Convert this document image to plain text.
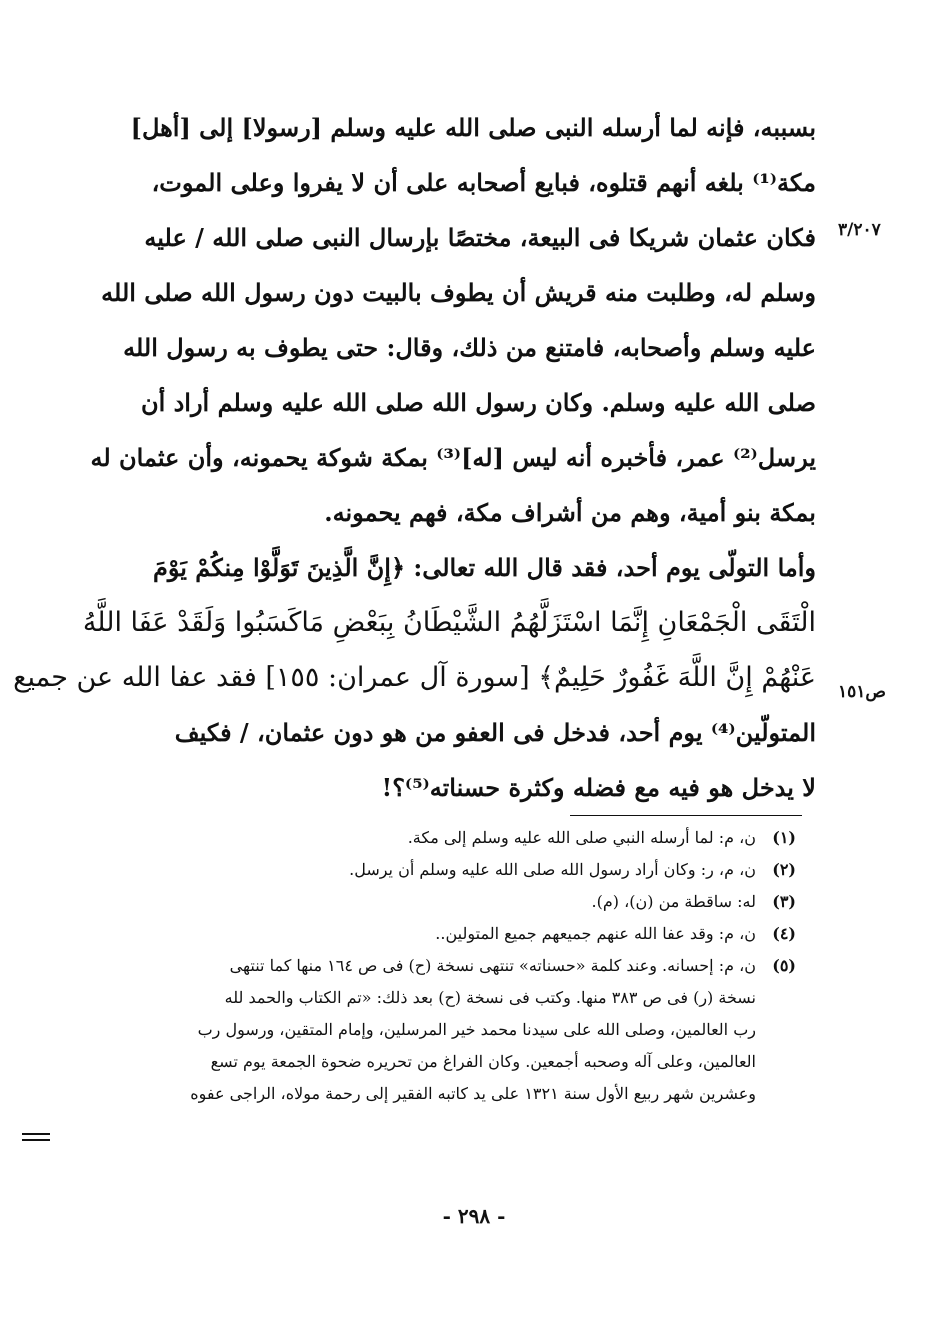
٣/٢٠٧
ص١٥١
بسببه، فإنه لما أرسله النبى صلى الله عليه وسلم [رسولا] إلى [أهل]
مكة⁽¹⁾ بلغه أنهم قتلوه، فبايع أصحابه على أن لا يفروا وعلى الموت،
فكان عثمان شريكا فى البيعة، مختصًا بإرسال النبى صلى الله / عليه
وسلم له، وطلبت منه قريش أن يطوف بالبيت دون رسول الله صلى الله
عليه وسلم وأصحابه، فامتنع من ذلك، وقال: حتى يطوف به رسول الله
صلى الله عليه وسلم. وكان رسول الله صلى الله عليه وسلم أراد أن
يرسل⁽²⁾ عمر، فأخبره أنه ليس [له]⁽³⁾ بمكة شوكة يحمونه، وأن عثمان له
بمكة بنو أمية، وهم من أشراف مكة، فهم يحمونه.
وأما التولّى يوم أحد، فقد قال الله تعالى: ﴿إِنَّ الَّذِينَ تَوَلَّوْا مِنكُمْ يَوْمَ
الْتَقَى الْجَمْعَانِ إِنَّمَا اسْتَزَلَّهُمُ الشَّيْطَانُ بِبَعْضِ مَاكَسَبُوا وَلَقَدْ عَفَا اللَّهُ
عَنْهُمْ إِنَّ اللَّهَ غَفُورٌ حَلِيمٌ﴾ [سورة آل عمران: ١٥٥] فقد عفا الله عن جميع
المتولّين⁽⁴⁾ يوم أحد، فدخل فى العفو من هو دون عثمان، / فكيف
لا يدخل هو فيه مع فضله وكثرة حسناته⁽⁵⁾؟!
(١)ن، م: لما أرسله النبي صلى الله عليه وسلم إلى مكة.
(٢)ن، م، ر: وكان أراد رسول الله صلى الله عليه وسلم أن يرسل.
(٣)له: ساقطة من (ن)، (م).
(٤)ن، م: وقد عفا الله عنهم جميعهم جميع المتولين..
(٥)ن، م: إحسانه. وعند كلمة «حسناته» تنتهى نسخة (ح) فى ص ١٦٤ منها كما تنتهى
نسخة (ر) فى ص ٣٨٣ منها. وكتب فى نسخة (ح) بعد ذلك: «تم الكتاب والحمد لله
رب العالمين، وصلى الله على سيدنا محمد خير المرسلين، وإمام المتقين، ورسول رب
العالمين، وعلى آله وصحبه أجمعين. وكان الفراغ من تحريره ضحوة الجمعة يوم تسع
وعشرين شهر ربيع الأول سنة ١٣٢١ على يد كاتبه الفقير إلى رحمة مولاه، الراجى عفوه
- ٢٩٨ -
